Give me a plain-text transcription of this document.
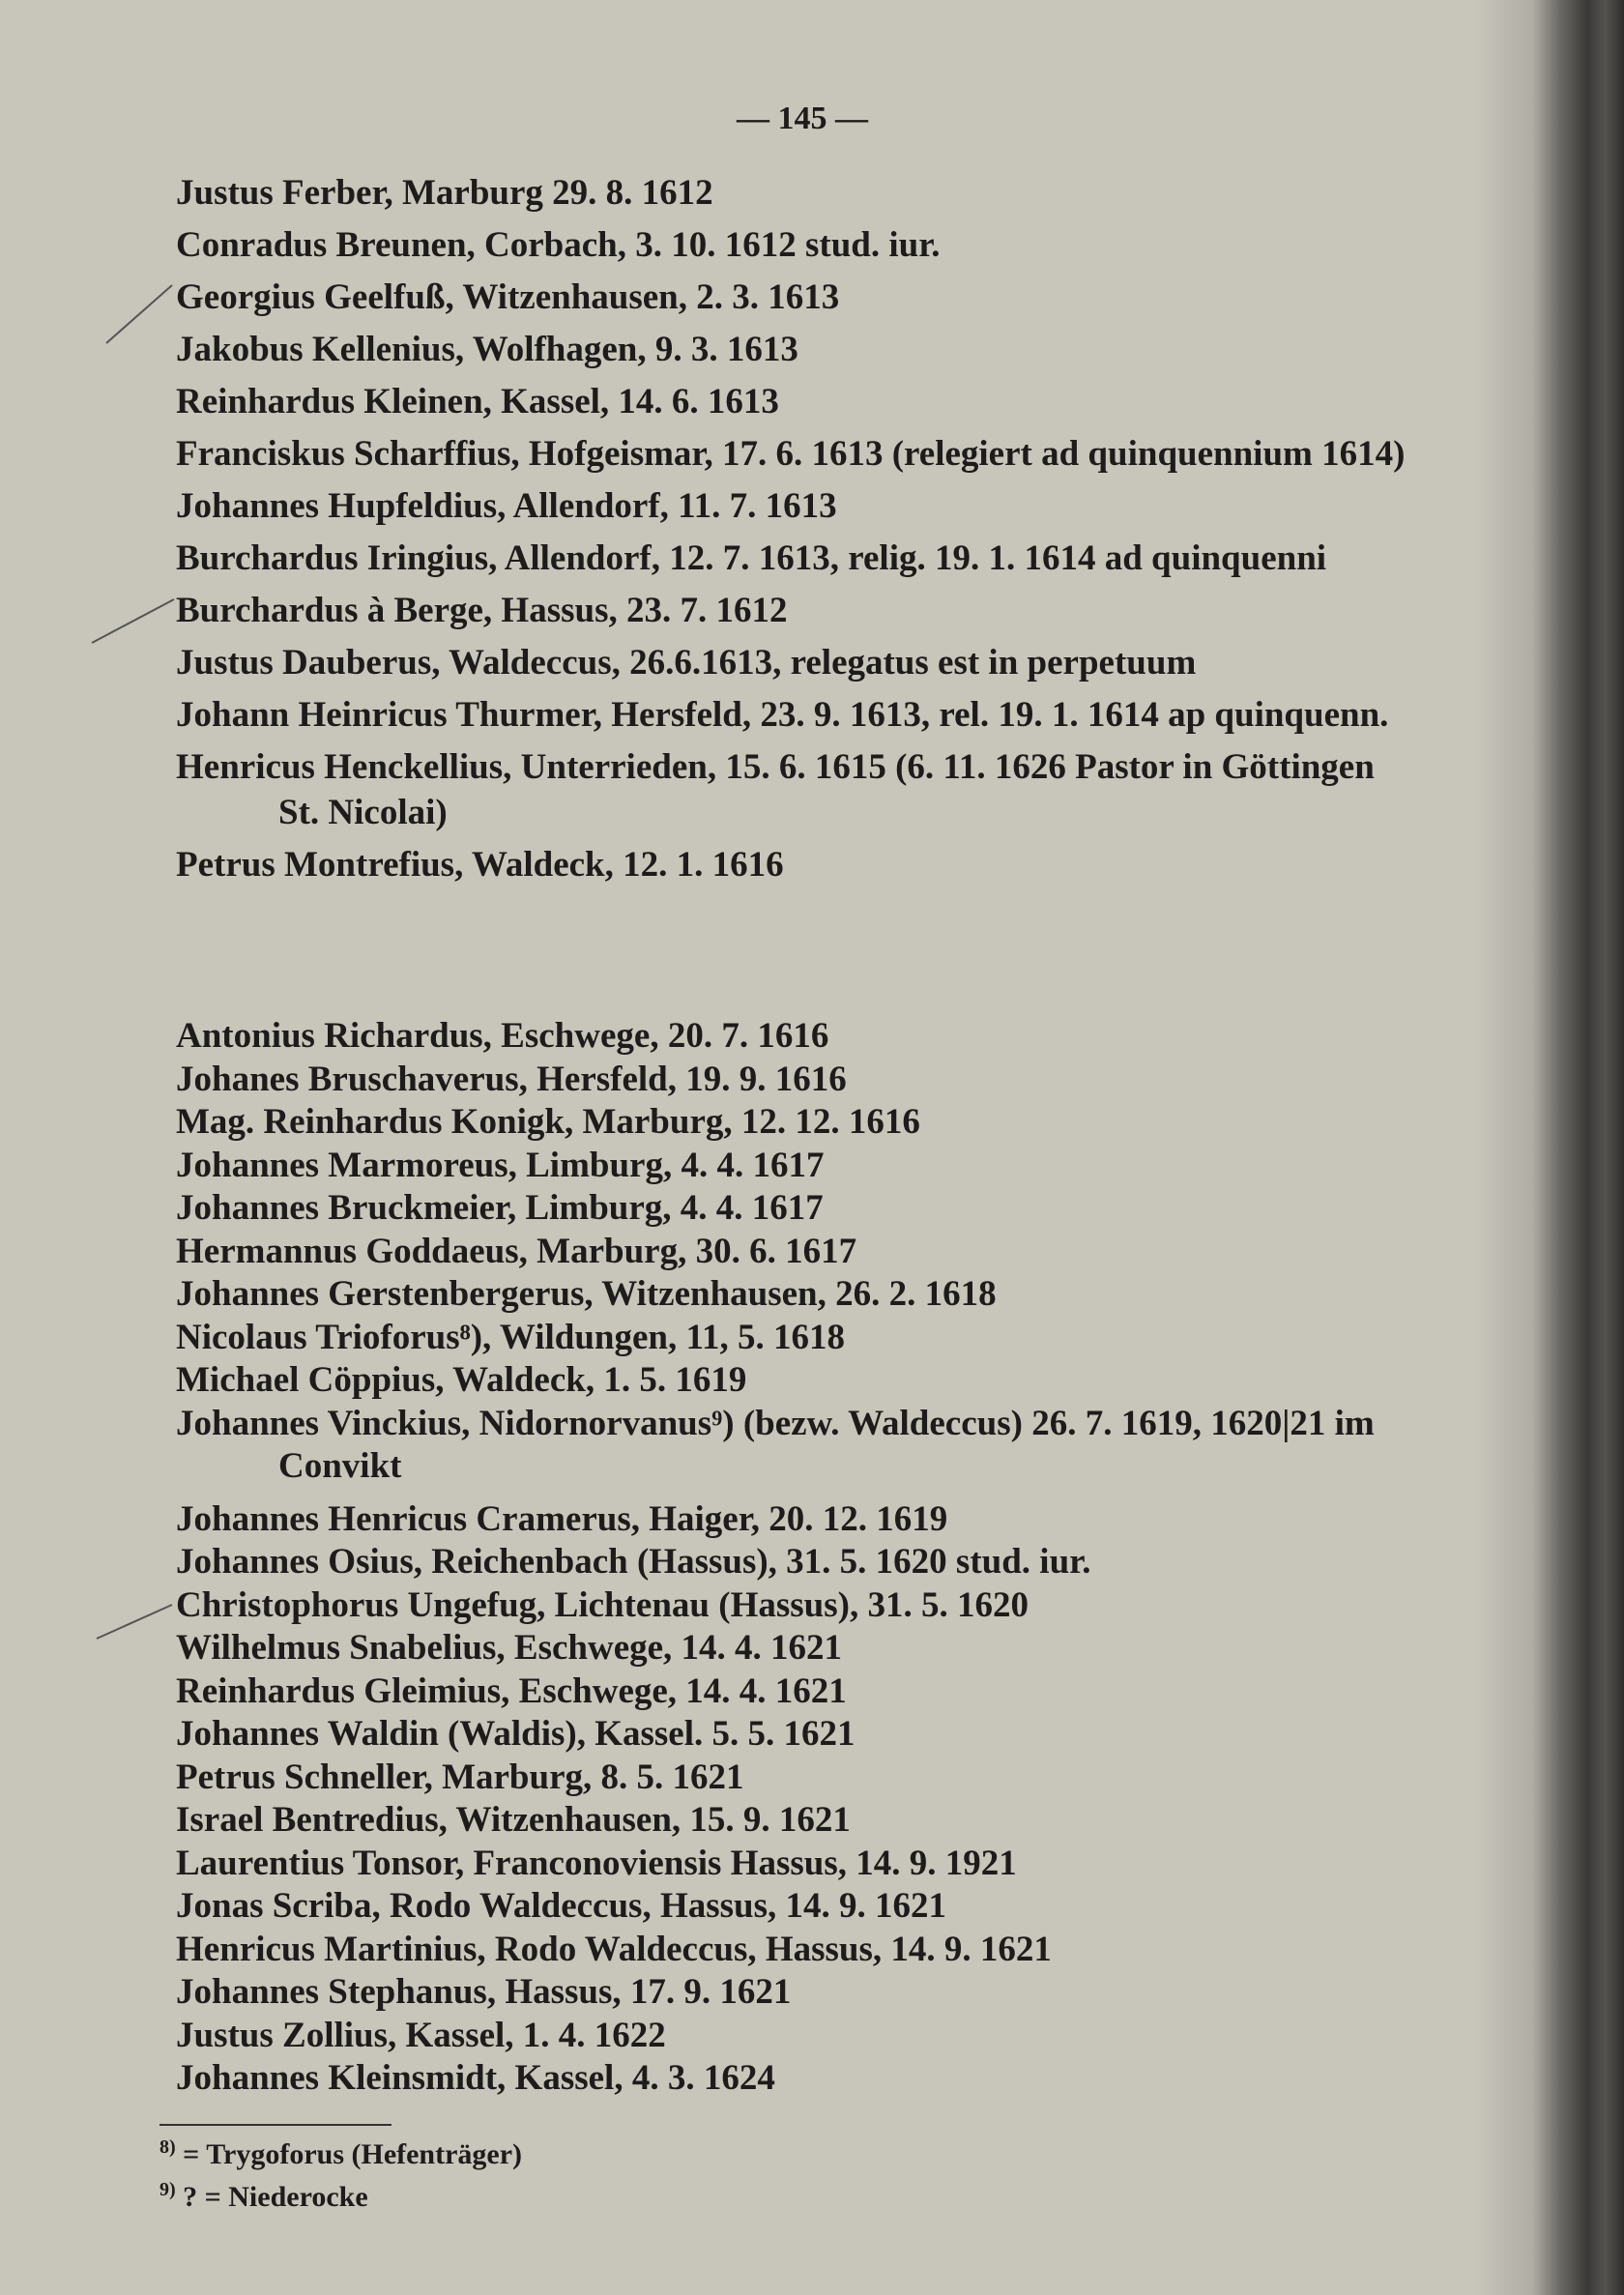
— 145 —
Justus Ferber, Marburg 29. 8. 1612
Conradus Breunen, Corbach, 3. 10. 1612 stud. iur.
Georgius Geelfuß, Witzenhausen, 2. 3. 1613
Jakobus Kellenius, Wolfhagen, 9. 3. 1613
Reinhardus Kleinen, Kassel, 14. 6. 1613
Franciskus Scharffius, Hofgeismar, 17. 6. 1613 (relegiert ad quinquennium 1614)
Johannes Hupfeldius, Allendorf, 11. 7. 1613
Burchardus Iringius, Allendorf, 12. 7. 1613, relig. 19. 1. 1614 ad quinquenni
Burchardus à Berge, Hassus, 23. 7. 1612
Justus Dauberus, Waldeccus, 26.6.1613, relegatus est in perpetuum
Johann Heinricus Thurmer, Hersfeld, 23. 9. 1613, rel. 19. 1. 1614 ap quinquenn.
Henricus Henckellius, Unterrieden, 15. 6. 1615 (6. 11. 1626 Pastor in Göttingen St. Nicolai)
Petrus Montrefius, Waldeck, 12. 1. 1616
Antonius Richardus, Eschwege, 20. 7. 1616
Johanes Bruschaverus, Hersfeld, 19. 9. 1616
Mag. Reinhardus Konigk, Marburg, 12. 12. 1616
Johannes Marmoreus, Limburg, 4. 4. 1617
Johannes Bruckmeier, Limburg, 4. 4. 1617
Hermannus Goddaeus, Marburg, 30. 6. 1617
Johannes Gerstenbergerus, Witzenhausen, 26. 2. 1618
Nicolaus Trioforus⁸), Wildungen, 11, 5. 1618
Michael Cöppius, Waldeck, 1. 5. 1619
Johannes Vinckius, Nidornorvanus⁹) (bezw. Waldeccus) 26. 7. 1619, 1620|21 im Convikt
Johannes Henricus Cramerus, Haiger, 20. 12. 1619
Johannes Osius, Reichenbach (Hassus), 31. 5. 1620 stud. iur.
Christophorus Ungefug, Lichtenau (Hassus), 31. 5. 1620
Wilhelmus Snabelius, Eschwege, 14. 4. 1621
Reinhardus Gleimius, Eschwege, 14. 4. 1621
Johannes Waldin (Waldis), Kassel. 5. 5. 1621
Petrus Schneller, Marburg, 8. 5. 1621
Israel Bentredius, Witzenhausen, 15. 9. 1621
Laurentius Tonsor, Franconoviensis Hassus, 14. 9. 1921
Jonas Scriba, Rodo Waldeccus, Hassus, 14. 9. 1621
Henricus Martinius, Rodo Waldeccus, Hassus, 14. 9. 1621
Johannes Stephanus, Hassus, 17. 9. 1621
Justus Zollius, Kassel, 1. 4. 1622
Johannes Kleinsmidt, Kassel, 4. 3. 1624
$^{8)}$ = Trygoforus (Hefenträger)
$^{9)}$ ? = Niederocke
